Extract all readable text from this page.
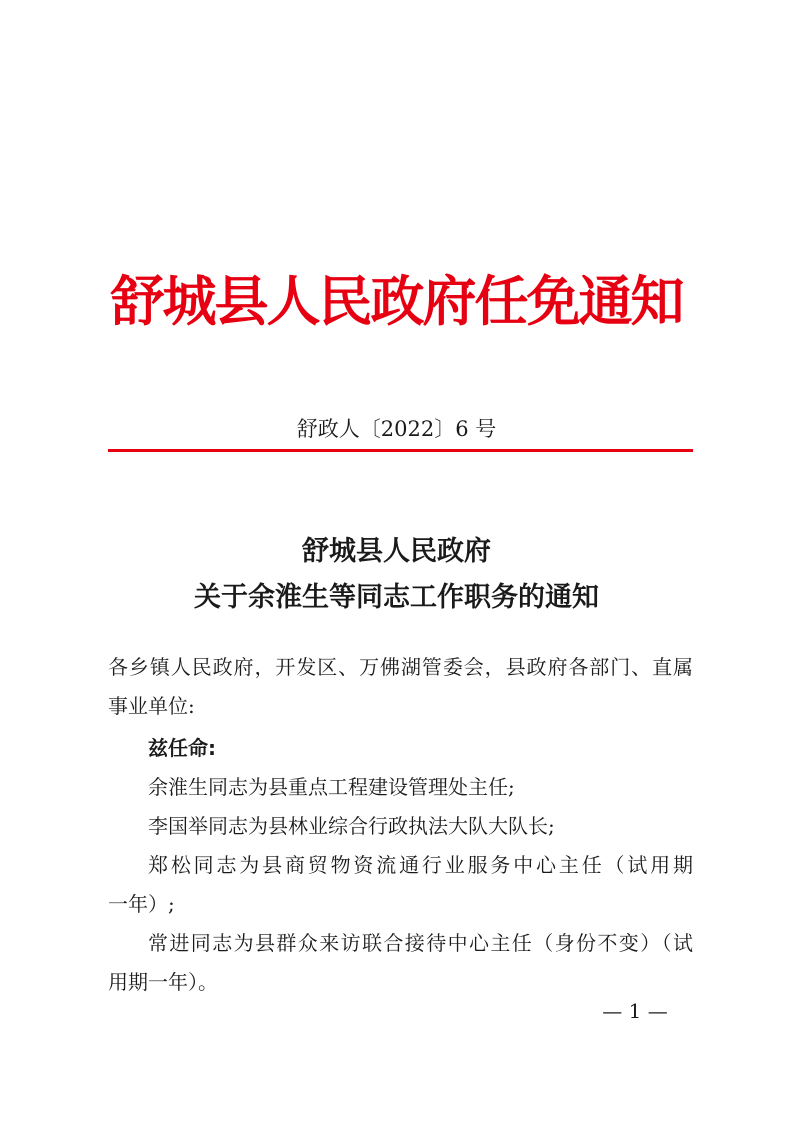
舒城县人民政府任免通知
舒政人〔2022〕6 号
舒城县人民政府
关于余淮生等同志工作职务的通知
各乡镇人民政府，开发区、万佛湖管委会，县政府各部门、直属
事业单位:
兹任命:
余淮生同志为县重点工程建设管理处主任;
李国举同志为县林业综合行政执法大队大队长;
郑松同志为县商贸物资流通行业服务中心主任（试用期
一年）;
常进同志为县群众来访联合接待中心主任（身份不变）（试
用期一年）。
— 1 —
